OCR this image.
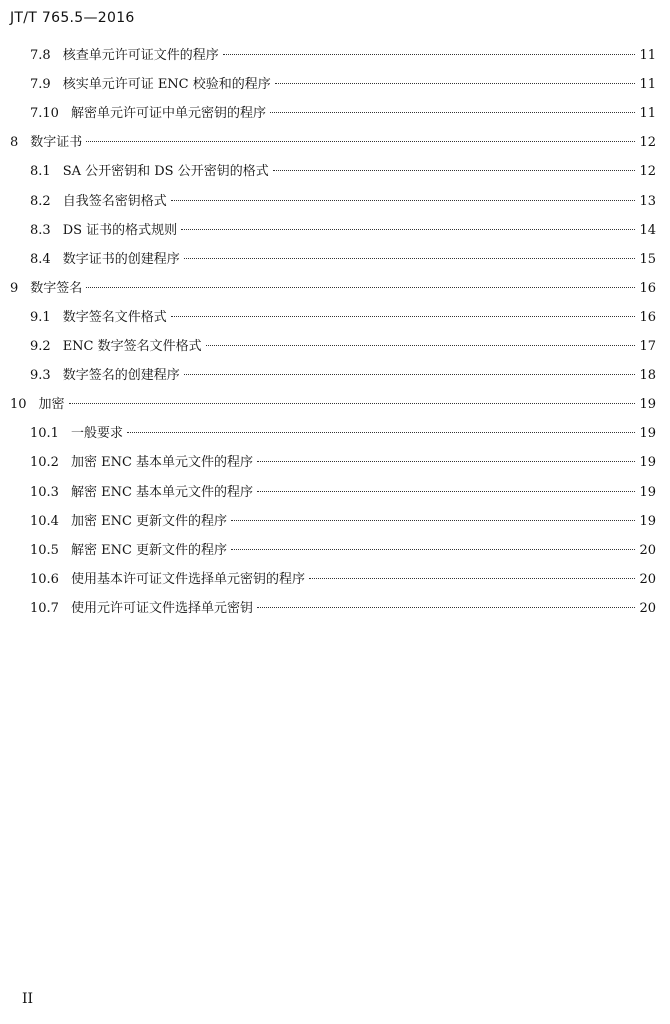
JT/T 765.5—2016
7.8 核查单元许可证文件的程序	11
7.9 核实单元许可证 ENC 校验和的程序	11
7.10 解密单元许可证中单元密钥的程序	11
8 数字证书	12
8.1 SA 公开密钥和 DS 公开密钥的格式	12
8.2 自我签名密钥格式	13
8.3 DS 证书的格式规则	14
8.4 数字证书的创建程序	15
9 数字签名	16
9.1 数字签名文件格式	16
9.2 ENC 数字签名文件格式	17
9.3 数字签名的创建程序	18
10 加密	19
10.1 一般要求	19
10.2 加密 ENC 基本单元文件的程序	19
10.3 解密 ENC 基本单元文件的程序	19
10.4 加密 ENC 更新文件的程序	19
10.5 解密 ENC 更新文件的程序	20
10.6 使用基本许可证文件选择单元密钥的程序	20
10.7 使用元许可证文件选择单元密钥	20
II
